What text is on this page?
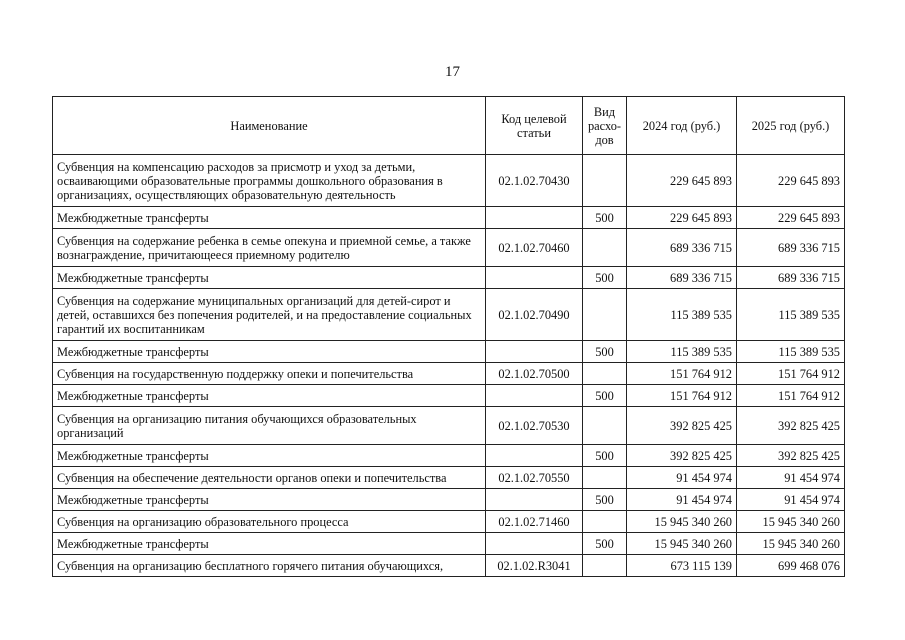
17
Наименование	Код целевой статьи	Вид расхо-дов	2024 год (руб.)	2025 год (руб.)
Субвенция на компенсацию расходов за присмотр и уход за детьми, осваивающими образовательные программы дошкольного образования в организациях, осуществляющих образовательную деятельность	02.1.02.70430		229 645 893	229 645 893
Межбюджетные трансферты		500	229 645 893	229 645 893
Субвенция на содержание ребенка в семье опекуна и приемной семье, а также вознаграждение, причитающееся приемному родителю	02.1.02.70460		689 336 715	689 336 715
Межбюджетные трансферты		500	689 336 715	689 336 715
Субвенция на содержание муниципальных организаций для детей-сирот и детей, оставшихся без попечения родителей, и на предоставление социальных гарантий их воспитанникам	02.1.02.70490		115 389 535	115 389 535
Межбюджетные трансферты		500	115 389 535	115 389 535
Субвенция на государственную поддержку опеки и попечительства	02.1.02.70500		151 764 912	151 764 912
Межбюджетные трансферты		500	151 764 912	151 764 912
Субвенция на организацию питания обучающихся образовательных организаций	02.1.02.70530		392 825 425	392 825 425
Межбюджетные трансферты		500	392 825 425	392 825 425
Субвенция на обеспечение деятельности органов опеки и попечительства	02.1.02.70550		91 454 974	91 454 974
Межбюджетные трансферты		500	91 454 974	91 454 974
Субвенция на организацию образовательного процесса	02.1.02.71460		15 945 340 260	15 945 340 260
Межбюджетные трансферты		500	15 945 340 260	15 945 340 260
Субвенция на организацию бесплатного горячего питания обучающихся,	02.1.02.R3041		673 115 139	699 468 076
